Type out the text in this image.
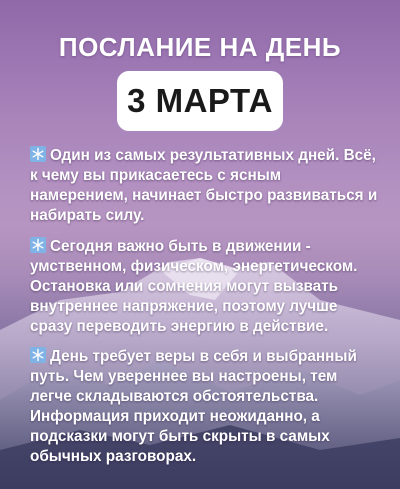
ПОСЛАНИЕ НА ДЕНЬ
3 МАРТА
Один из самых результативных дней. Всё, к чему вы прикасаетесь с ясным намерением, начинает быстро развиваться и набирать силу.
Сегодня важно быть в движении - умственном, физическом, энергетическом. Остановка или сомнения могут вызвать внутреннее напряжение, поэтому лучше сразу переводить энергию в действие.
День требует веры в себя и выбранный путь. Чем увереннее вы настроены, тем легче складываются обстоятельства. Информация приходит неожиданно, а подсказки могут быть скрыты в самых обычных разговорах.
